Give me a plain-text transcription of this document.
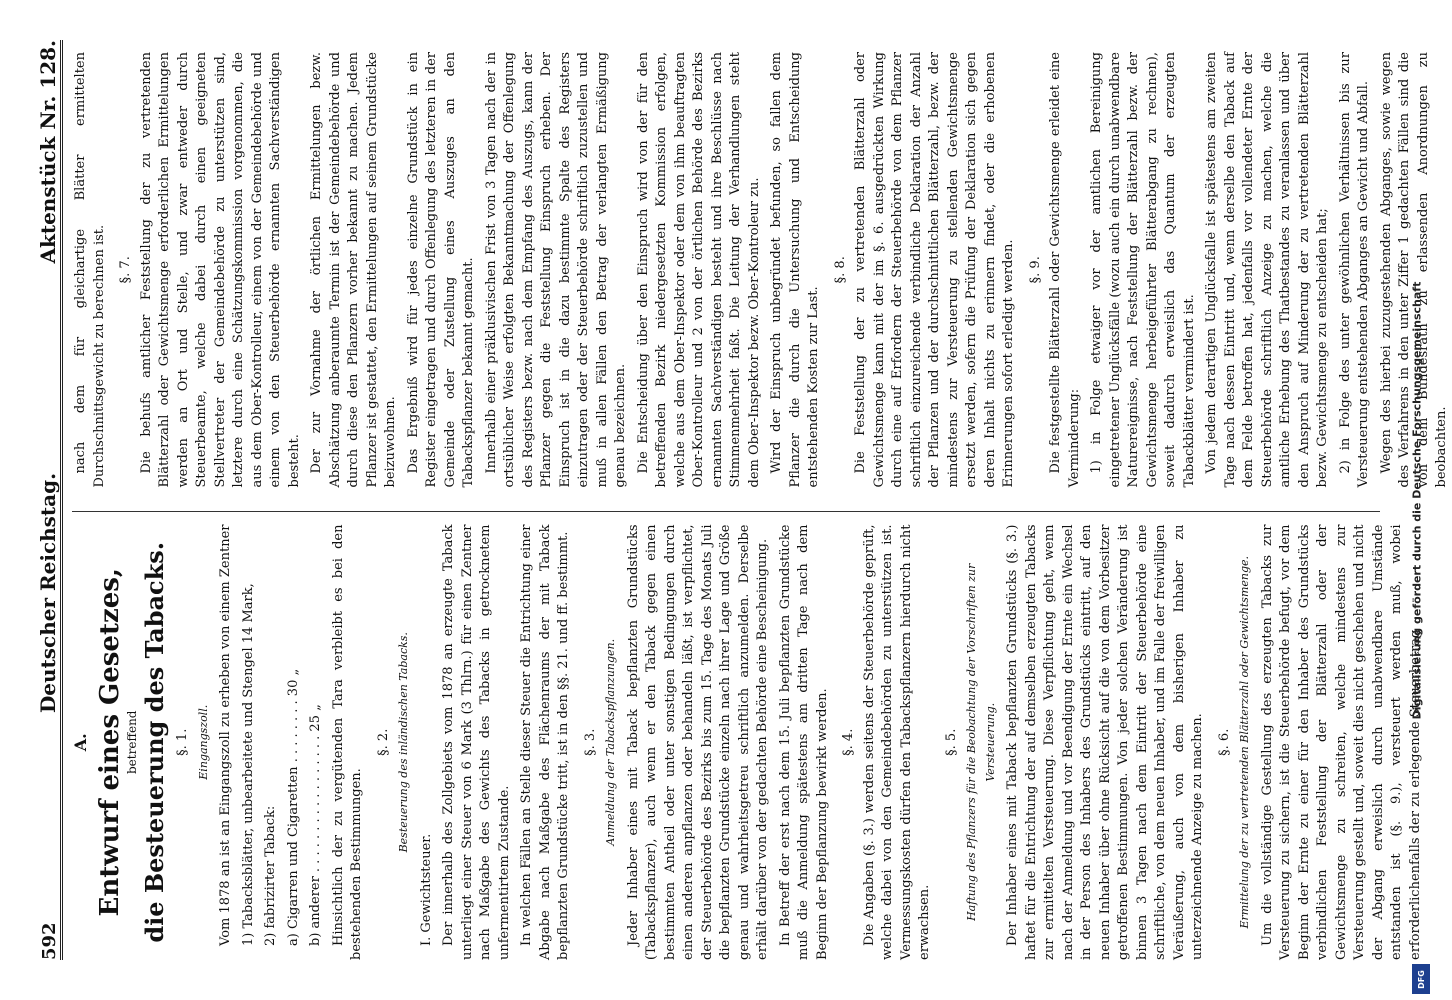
592
Deutscher Reichstag.
Aktenstück Nr. 128.
A. Entwurf eines Gesetzes, betreffend die Besteuerung des Tabacks. §. 1. Eingangszoll. Vom 1878 an ist an Eingangszoll zu erheben von einem Zentner 1) Tabacksblätter, unbearbeitete und Stengel 14 Mark, 2) fabrizirter Taback: a) Cigarren und Cigaretten . . . . . . . . 30 „ b) anderer . . . . . . . . . . . . . . . . . 25 „ Hinsichtlich der zu vergütenden Tara verbleibt es bei den bestehenden Bestimmungen.

§. 2. Besteuerung des inländischen Tabacks.

I. Gewichtsteuer. Der innerhalb des Zollgebiets vom 1878 an erzeugte Taback unterliegt einer Steuer von 6 Mark (3 Thlrn.) für einen Zentner nach Maßgabe des Gewichts des Tabacks in getrocknetem unfermentirtem Zustande. In welchen Fällen an Stelle dieser Steuer die Entrichtung einer Abgabe nach Maßgabe des Flächenraums der mit Taback bepflanzten Grundstücke tritt, ist in den §§. 21. und ff. bestimmt. §. 3. Anmeldung der Tabackspflanzungen. Jeder Inhaber eines mit Taback bepflanzten Grundstücks (Tabackspflanzer), auch wenn er den Taback gegen einen bestimmten Antheil oder unter sonstigen Bedingungen durch einen anderen anpflanzen oder behandeln läßt, ist verpflichtet, der Steuerbehörde des Bezirks bis zum 15. Tage des Monats Juli die bepflanzten Grundstücke einzeln nach ihrer Lage und Größe genau und wahrheitsgetreu schriftlich anzumelden. Derselbe erhält darüber von der gedachten Behörde eine Bescheinigung. In Betreff der erst nach dem 15. Juli bepflanzten Grundstücke muß die Anmeldung spätestens am dritten Tage nach dem Beginn der Bepflanzung bewirkt werden. §. 4. Die Angaben (§. 3.) werden seitens der Steuerbehörde geprüft, welche dabei von den Gemeindebehörden zu unterstützen ist. Vermessungskosten dürfen den Tabackspflanzern hierdurch nicht erwachsen.

§. 5. Haftung des Pflanzers für die Beobachtung der Vorschriften zur Versteuerung. Der Inhaber eines mit Taback bepflanzten Grundstücks (§. 3.) haftet für die Entrichtung der auf demselben erzeugten Tabacks zur ermittelten Versteuerung. Diese Verpflichtung geht, wenn nach der Anmeldung und vor Beendigung der Ernte ein Wechsel in der Person des Inhabers des Grundstücks eintritt, auf den neuen Inhaber über ohne Rücksicht auf die von dem Vorbesitzer getroffenen Bestimmungen. Von jeder solchen Veränderung ist binnen 3 Tagen nach dem Eintritt der Steuerbehörde eine schriftliche, von dem neuen Inhaber, und im Falle der freiwilligen Veräußerung, auch von dem bisherigen Inhaber zu unterzeichnende Anzeige zu machen. §. 6. Ermittelung der zu vertretenden Blätterzahl oder Gewichtsmenge. Um die vollständige Gestellung des erzeugten Tabacks zur Versteuerung zu sichern, ist die Steuerbehörde befugt, vor dem Beginn der Ernte zu einer für den Inhaber des Grundstücks verbindlichen Feststellung der Blätterzahl oder der Gewichtsmenge zu schreiten, welche mindestens zur Versteuerung gestellt und, soweit dies nicht geschehen und nicht der Abgang erweislich durch unabwendbare Umstände entstanden ist (§. 9.), versteuert werden muß, wobei erforderlichenfalls der zu erlegende Steuerbetrag

nach dem für gleichartige Blätter ermittelten Durchschnittsgewicht zu berechnen ist. §. 7. Die behufs amtlicher Feststellung der zu vertretenden Blätterzahl oder Gewichtsmenge erforderlichen Ermittelungen werden an Ort und Stelle, und zwar entweder durch Steuerbeamte, welche dabei durch einen geeigneten Stellvertreter der Gemeindebehörde zu unterstützen sind, letztere durch eine Schätzungskommission vorgenommen, die aus dem Ober-Kontrolleur, einem von der Gemeindebehörde und einem von den Steuerbehörde ernannten Sachverständigen besteht. Der zur Vornahme der örtlichen Ermittelungen bezw. Abschätzung anberaumte Termin ist der Gemeindebehörde und durch diese den Pflanzern vorher bekannt zu machen. Jedem Pflanzer ist gestattet, den Ermittelungen auf seinem Grundstücke beizuwohnen. Das Ergebniß wird für jedes einzelne Grundstück in ein Register eingetragen und durch Offenlegung des letzteren in der Gemeinde oder Zustellung eines Auszuges an den Tabackspflanzer bekannt gemacht. Innerhalb einer präklusivischen Frist von 3 Tagen nach der in ortsüblicher Weise erfolgten Bekanntmachung der Offenlegung des Registers bezw. nach dem Empfang des Auszugs, kann der Pflanzer gegen die Feststellung Einspruch erheben. Der Einspruch ist in die dazu bestimmte Spalte des Registers einzutragen oder der Steuerbehörde schriftlich zuzustellen und muß in allen Fällen den Betrag der verlangten Ermäßigung genau bezeichnen. Die Entscheidung über den Einspruch wird von der für den betreffenden Bezirk niedergesetzten Kommission erfolgen, welche aus dem Ober-Inspektor oder dem von ihm beauftragten Ober-Kontrolleur und 2 von der örtlichen Behörde des Bezirks ernannten Sachverständigen besteht und ihre Beschlüsse nach Stimmenmehrheit faßt. Die Leitung der Verhandlungen steht dem Ober-Inspektor bezw. Ober-Kontroleur zu. Wird der Einspruch unbegründet befunden, so fallen dem Pflanzer die durch die Untersuchung und Entscheidung entstehenden Kosten zur Last.

§. 8. Die Feststellung der zu vertretenden Blätterzahl oder Gewichtsmenge kann mit der im §. 6. ausgedrückten Wirkung durch eine auf Erfordern der Steuerbehörde von dem Pflanzer schriftlich einzureichende verbindliche Deklaration der Anzahl der Pflanzen und der durchschnittlichen Blätterzahl, bezw. der mindestens zur Versteuerung zu stellenden Gewichtsmenge ersetzt werden, sofern die Prüfung der Deklaration sich gegen deren Inhalt nichts zu erinnern findet, oder die erhobenen Erinnerungen sofort erledigt werden. §. 9. Die festgestellte Blätterzahl oder Gewichtsmenge erleidet eine Verminderung: 1) in Folge etwaiger vor der amtlichen Bereinigung eingetretener Unglücksfälle (wozu auch ein durch unabwendbare Naturereignisse, nach Feststellung der Blätterzahl bezw. der Gewichtsmenge herbeigeführter Blätterabgang zu rechnen), soweit dadurch erweislich das Quantum der erzeugten Tabackblätter vermindert ist. Von jedem derartigen Unglücksfalle ist spätestens am zweiten Tage nach dessen Eintritt und, wenn derselbe den Taback auf dem Felde betroffen hat, jedenfalls vor vollendeter Ernte der Steuerbehörde schriftlich Anzeige zu machen, welche die amtliche Erhebung des Thatbestandes zu veranlassen und über den Anspruch auf Minderung der zu vertretenden Blätterzahl bezw. Gewichtsmenge zu entscheiden hat; 2) in Folge des unter gewöhnlichen Verhältnissen bis zur Versteuerung entstehenden Abganges an Gewicht und Abfall. Wegen des hierbei zuzugestehenden Abganges, sowie wegen des Verfahrens in den unter Ziffer 1 gedachten Fällen sind die von dem Bundesrath zu erlassenden Anordnungen zu beobachten.

Digitalisierung gefördert durch die Deutsche Forschungsgemeinschaft
DFG
